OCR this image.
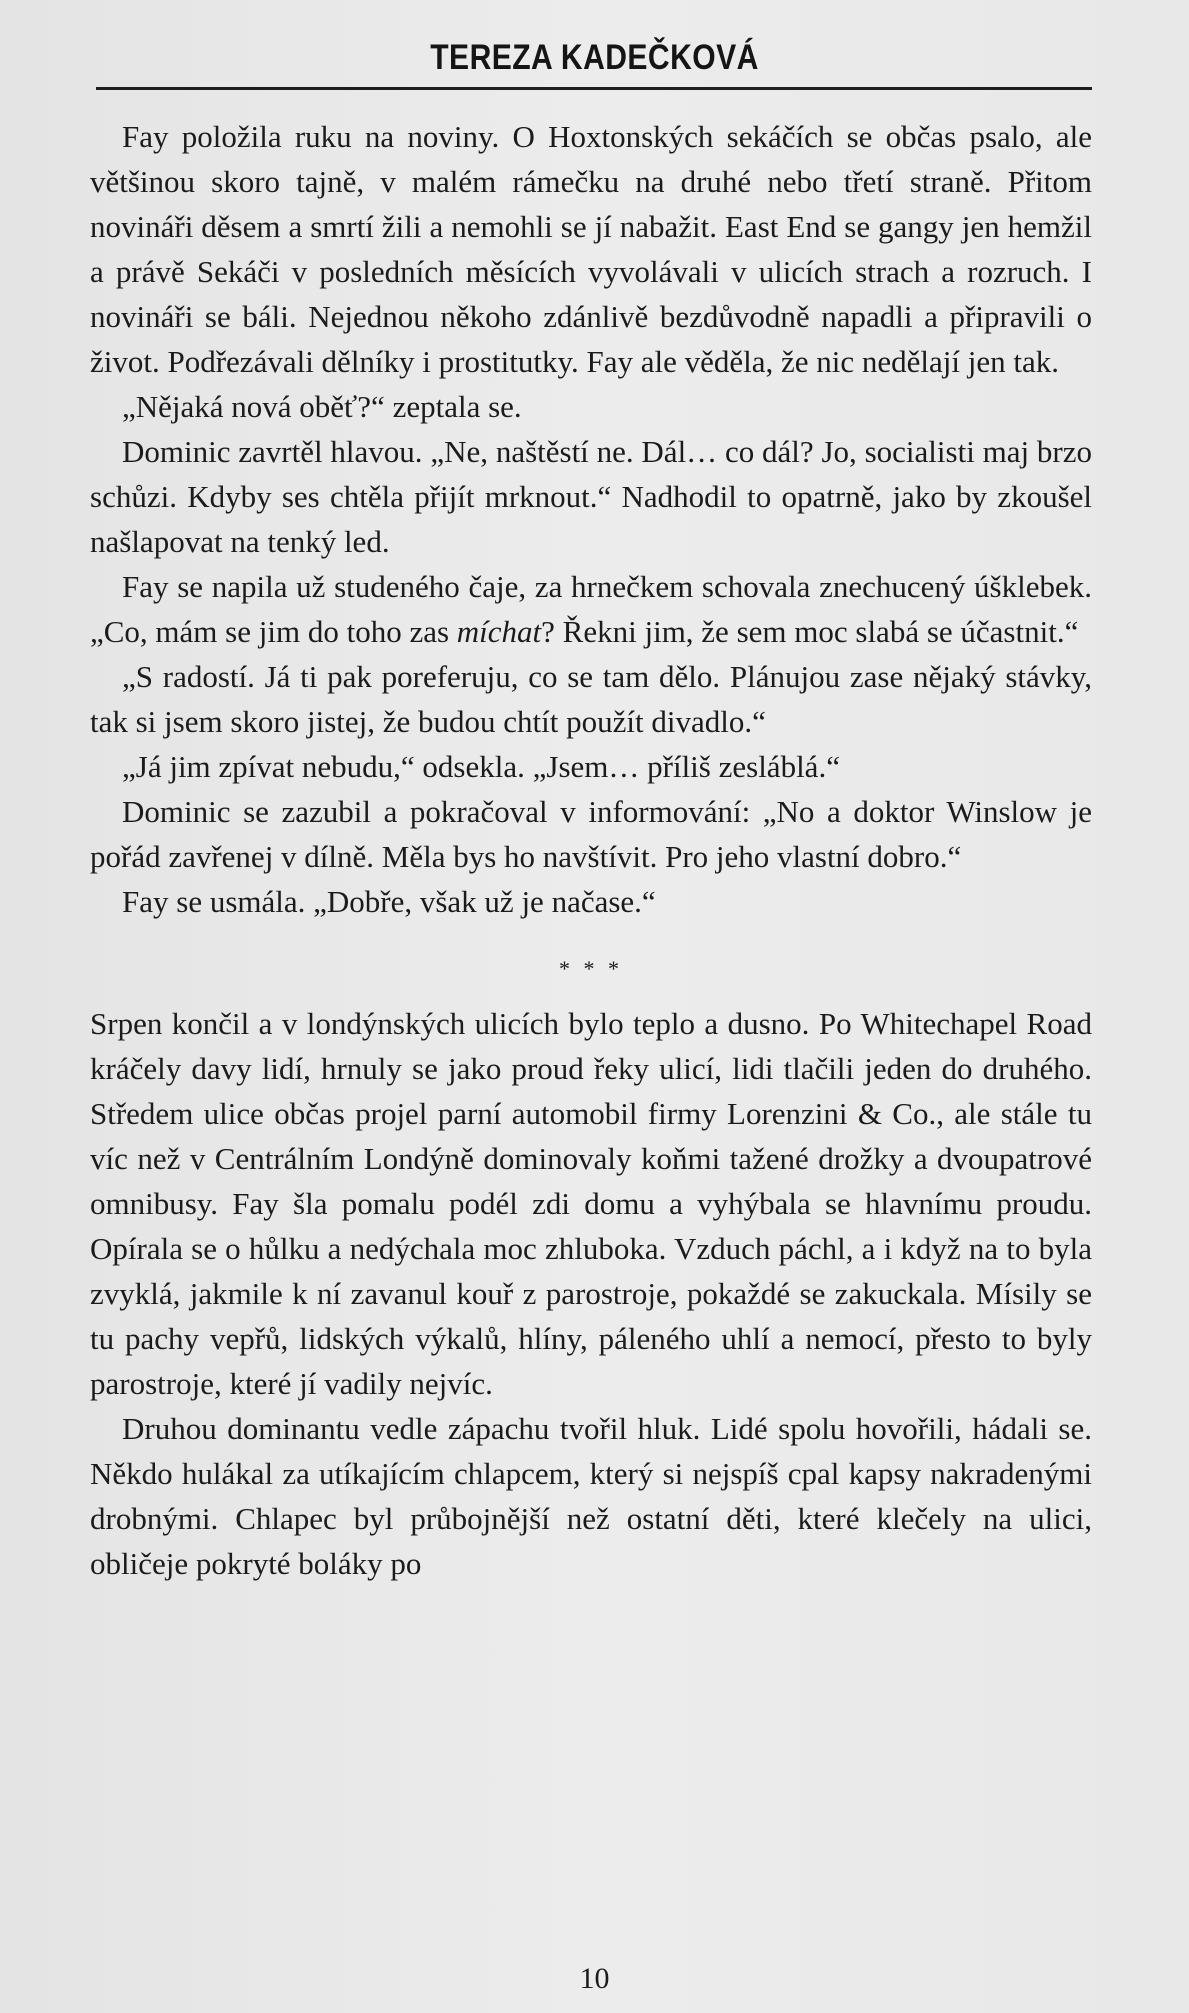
TEREZA KADEČKOVÁ

Fay položila ruku na noviny. O Hoxtonských sekáčích se občas psalo, ale většinou skoro tajně, v malém rámečku na druhé nebo třetí straně. Přitom novináři děsem a smrtí žili a nemohli se jí nabažit. East End se gangy jen hemžil a právě Sekáči v posledních měsících vyvolávali v ulicích strach a rozruch. I novináři se báli. Nejednou někoho zdánlivě bezdůvodně napadli a připravili o život. Podřezávali dělníky i prostitutky. Fay ale věděla, že nic nedělají jen tak.

„Nějaká nová oběť?“ zeptala se.

Dominic zavrtěl hlavou. „Ne, naštěstí ne. Dál… co dál? Jo, socialisti maj brzo schůzi. Kdyby ses chtěla přijít mrknout.“ Nadhodil to opatrně, jako by zkoušel našlapovat na tenký led.

Fay se napila už studeného čaje, za hrnečkem schovala znechucený úšklebek. „Co, mám se jim do toho zas míchat? Řekni jim, že sem moc slabá se účastnit.“

„S radostí. Já ti pak poreferuju, co se tam dělo. Plánujou zase nějaký stávky, tak si jsem skoro jistej, že budou chtít použít divadlo.“

„Já jim zpívat nebudu,“ odsekla. „Jsem… příliš zesláblá.“

Dominic se zazubil a pokračoval v informování: „No a doktor Winslow je pořád zavřenej v dílně. Měla bys ho navštívit. Pro jeho vlastní dobro.“

Fay se usmála. „Dobře, však už je načase.“

* * *

Srpen končil a v londýnských ulicích bylo teplo a dusno. Po Whitechapel Road kráčely davy lidí, hrnuly se jako proud řeky ulicí, lidi tlačili jeden do druhého. Středem ulice občas projel parní automobil firmy Lorenzini & Co., ale stále tu víc než v Centrálním Londýně dominovaly koňmi tažené drožky a dvoupatrové omnibusy. Fay šla pomalu podél zdi domu a vyhýbala se hlavnímu proudu. Opírala se o hůlku a nedýchala moc zhluboka. Vzduch páchl, a i když na to byla zvyklá, jakmile k ní zavanul kouř z parostroje, pokaždé se zakuckala. Mísily se tu pachy vepřů, lidských výkalů, hlíny, páleného uhlí a nemocí, přesto to byly parostroje, které jí vadily nejvíc.

Druhou dominantu vedle zápachu tvořil hluk. Lidé spolu hovořili, hádali se. Někdo hulákal za utíkajícím chlapcem, který si nejspíš cpal kapsy nakradenými drobnými. Chlapec byl průbojnější než ostatní děti, které klečely na ulici, obličeje pokryté boláky po

10
